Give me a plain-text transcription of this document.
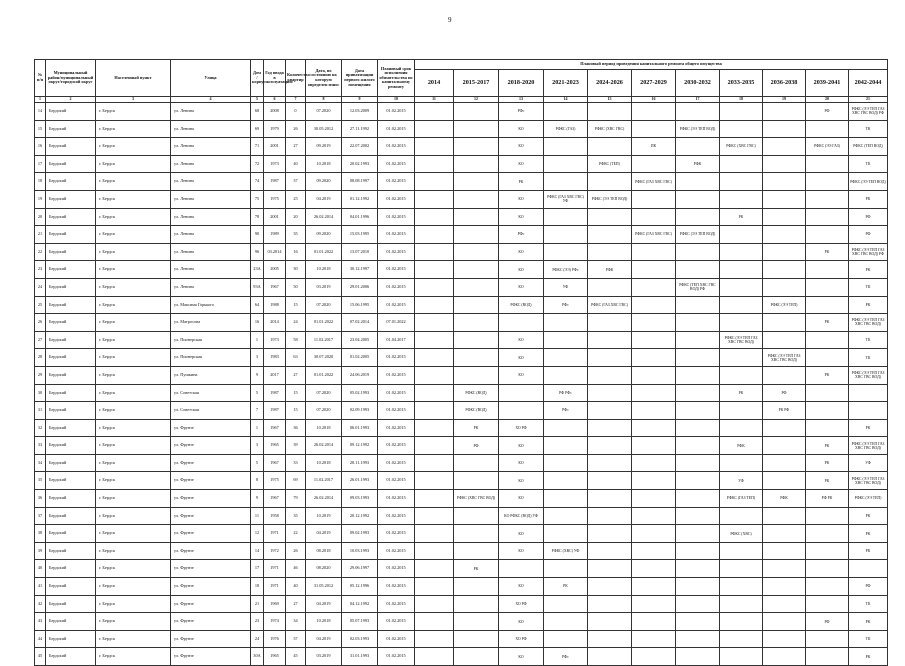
9
№ п/п	Муниципальный район/муниципальный округ/городской округ	Населенный пункт	Улица	Дом / корпус	Год ввода в эксплуатацию	Количество квартир	Дата, по состоянию на которую определен износ	Дата приватизации первого жилого помещения	Плановый срок исполнения обязательства по капитальному ремонту	Плановый период проведения капитального ремонта общего имущества										
										2014	2015-2017	2018-2020	2021-2023	2024-2026	2027-2029	2030-2032	2033-2035	2036-2038	2039-2041	2042-2044
1	2	3	4	5	6	7	8	9	10	11	12	13	14	15	16	17	18	19	20	21
14	Бердский	г. Бердск	ул. Ленина	68	2008	0	07.2020	12.03.2009	01.02.2015			РФс							РФ	РФКС (ЭЭ ТЕП ГАЗ ХВС ГВС ВОД) РФ
15	Бердский	г. Бердск	ул. Ленина	69	1979	26	30.05.2012	27.11.1992	01.02.2015			КО	РФКС (ГАЗ)	РФКС (ХВС ГВС)		РФКС (ЭЭ ТЕП ВОД)				ТК
16	Бердский	г. Бердск	ул. Ленина	71	2001	27	09.2019	22.07.2002	01.02.2015			КО			ПК		РФКС (ХВС ГВС)		РФКС (ЭЭ ГАЗ)	РФКС (ТЕП ВОД)
17	Бердский	г. Бердск	ул. Ленина	72	1973	40	10.2018	20.02.1993	01.02.2015			КО		РФКС (ТЕП)		РФК				ТК
18	Бердский	г. Бердск	ул. Ленина	74	1987	37	09.2020	08.08.1997	01.02.2015			РК			РФКС (ГАЗ ХВС ГВС)					РФКС (ЭЭ ТЕП ВОД)
19	Бердский	г. Бердск	ул. Ленина	75	1975	25	04.2019	01.12.1992	01.02.2015			КО	РФКС (ГАЗ ХВС ГВС) УФ	РФКС (ЭЭ ТЕП ВОД)						РК
20	Бердский	г. Бердск	ул. Ленина	78	2001	20	26.02.2014	04.01.1996	01.02.2015			КО					РК			РФ
21	Бердский	г. Бердск	ул. Ленина	90	1989	35	09.2020	15.03.1995	01.02.2015			РФс			РФКС (ГАЗ ХВС ГВС)	РФКС (ЭЭ ТЕП ВОД)				РФ
22	Бердский	г. Бердск	ул. Ленина	96	03.2014	16	01.01.2022	13.07.2010	01.02.2015			КО							РК	РФКС (ЭЭ ТЕП ГАЗ ХВС ГВС ВОД) РФ
23	Бердский	г. Бердск	ул. Ленина	23А	2005	30	10.2018	30.12.1997	01.02.2015			КО	РФКС (ЭЭ) РФс	РФК						РК
24	Бердский	г. Бердск	ул. Ленина	93А	1967	50	03.2019	29.01.2006	01.02.2015			КО	УФ			РФКС (ТЕП ХВС ГВС ВОД) РФ				ТК
25	Бердский	г. Бердск	ул. Максима Горького	64	1988	15	07.2020	15.06.1995	01.02.2015			РФКС (ВОД)	РФс	РФКС (ГАЗ ХВС ГВС)				РФКС (ЭЭ ТЕП)		РК
26	Бердский	г. Бердск	ул. Матросова	16	2014	24	01.01.2022	07.02.2014	07.01.2022										РК	РФКС (ЭЭ ТЕП ГАЗ ХВС ГВС ВОД)
27	Бердский	г. Бердск	ул. Пионерская	1	1973	58	11.02.2017	23.04.2005	01.04.2017			КО					РФКС (ЭЭ ТЕП ГАЗ ХВС ГВС ВОД)			ТК
28	Бердский	г. Бердск	ул. Пионерская	3	1983	63	30.07.2020	01.02.2005	01.02.2015			КО						РФКС (ЭЭ ТЕП ГАЗ ХВС ГВС ВОД)		ТК
29	Бердский	г. Бердск	ул. Пушкина	9	2017	27	01.01.2022	24.06.2019	01.02.2015			КО							РК	РФКС (ЭЭ ТЕП ГАЗ ХВС ГВС ВОД)
30	Бердский	г. Бердск	ул. Советская	5	1987	15	07.2020	05.02.1993	01.02.2015		РФКС (ВОД)		РФ РФс				РК	РФ		
31	Бердский	г. Бердск	ул. Советская	7	1987	15	07.2020	02.09.1993	01.02.2015		РФКС (ВОД)		РФс					РК РФ		
32	Бердский	г. Бердск	ул. Фрунзе	1	1967	36	10.2018	06.01.1993	01.02.2015		РК	ХО РФ								РК
33	Бердский	г. Бердск	ул. Фрунзе	3	1965	39	26.02.2014	09.12.1992	01.02.2015		РФ	КО					РФК		РК	РФКС (ЭЭ ТЕП ГАЗ ХВС ГВС ВОД)
34	Бердский	г. Бердск	ул. Фрунзе	5	1967	33	10.2018	28.11.1993	01.02.2015			КО							РК	УФ
35	Бердский	г. Бердск	ул. Фрунзе	8	1975	69	11.02.2017	26.01.1993	01.02.2015			КО					УФ		РК	РФКС (ЭЭ ТЕП ГАЗ ХВС ГВС ВОД)
36	Бердский	г. Бердск	ул. Фрунзе	9	1967	79	26.02.2014	09.03.1993	01.02.2015		РФКС (ХВС ГВС ВОД)	КО					РФКС (ГАЗ ТЕП)	РФК	РФ РК	РФКС (ЭЭ ТЕП)
37	Бердский	г. Бердск	ул. Фрунзе	11	1958	35	10.2019	20.12.1992	01.02.2015			КО РФКС (ВОД) УФ								РК
38	Бердский	г. Бердск	ул. Фрунзе	12	1971	22	04.2019	09.02.1993	01.02.2015			КО					РФКС (ХВС)			РК
39	Бердский	г. Бердск	ул. Фрунзе	14	1972	26	08.2018	10.03.1993	01.02.2015			КО	РФКС (ХВС) УФ							РК
40	Бердский	г. Бердск	ул. Фрунзе	17	1971	46	08.2020	29.06.1997	01.02.2015		РК									
41	Бердский	г. Бердск	ул. Фрунзе	18	1971	40	31.05.2012	05.12.1996	01.02.2015			КО	РК							РФ
42	Бердский	г. Бердск	ул. Фрунзе	21	1969	27	04.2019	04.12.1992	01.02.2015			ХО РФ								ТК
43	Бердский	г. Бердск	ул. Фрунзе	23	1974	34	10.2018	05.07.1993	01.02.2015			КО							РФ	РК
44	Бердский	г. Бердск	ул. Фрунзе	24	1976	37	04.2019	02.03.1993	01.02.2015			ХО РФ								ТК
45	Бердский	г. Бердск	ул. Фрунзе	30А	1965	45	03.2019	31.01.1993	01.02.2015			КО	РФс							РК
